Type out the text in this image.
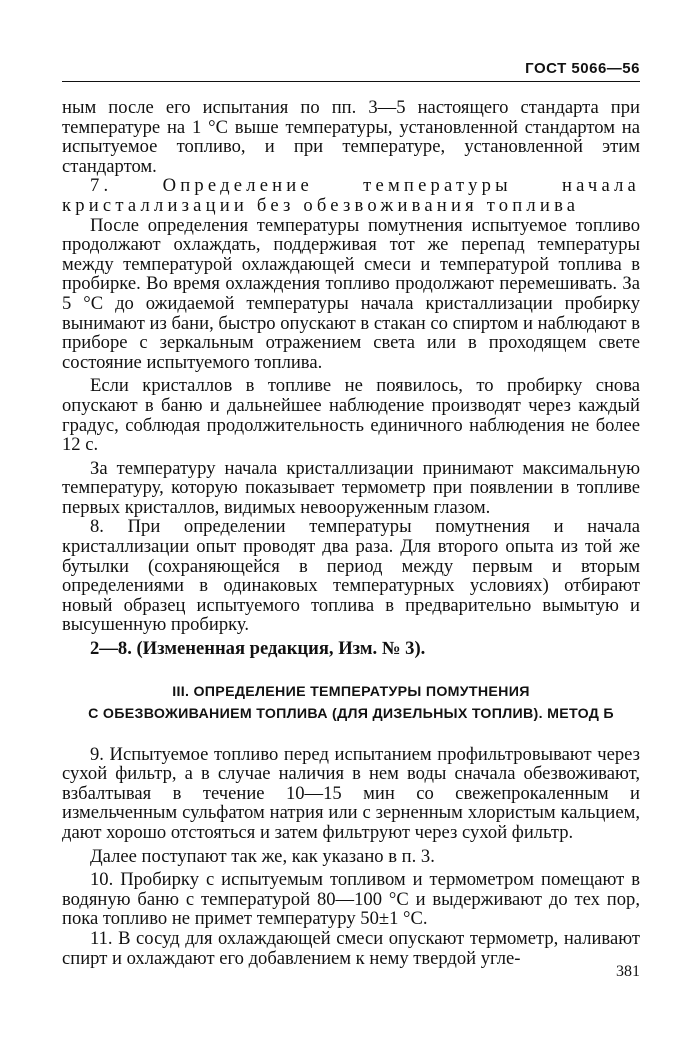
ГОСТ 5066—56

ным после его испытания по пп. 3—5 настоящего стандарта при температуре на 1 °С выше температуры, установленной стандартом на испытуемое топливо, и при температуре, установленной этим стандартом.

7. Определение температуры начала кристаллизации без обезвоживания топлива

После определения температуры помутнения испытуемое топливо продолжают охлаждать, поддерживая тот же перепад температуры между температурой охлаждающей смеси и температурой топлива в пробирке. Во время охлаждения топливо продолжают перемешивать. За 5 °С до ожидаемой температуры начала кристаллизации пробирку вынимают из бани, быстро опускают в стакан со спиртом и наблюдают в приборе с зеркальным отражением света или в проходящем свете состояние испытуемого топлива.

Если кристаллов в топливе не появилось, то пробирку снова опускают в баню и дальнейшее наблюдение производят через каждый градус, соблюдая продолжительность единичного наблюдения не более 12 с.

За температуру начала кристаллизации принимают максимальную температуру, которую показывает термометр при появлении в топливе первых кристаллов, видимых невооруженным глазом.

8. При определении температуры помутнения и начала кристаллизации опыт проводят два раза. Для второго опыта из той же бутылки (сохраняющейся в период между первым и вторым определениями в одинаковых температурных условиях) отбирают новый образец испытуемого топлива в предварительно вымытую и высушенную пробирку.

2—8. (Измененная редакция, Изм. № 3).

III. ОПРЕДЕЛЕНИЕ ТЕМПЕРАТУРЫ ПОМУТНЕНИЯ
С ОБЕЗВОЖИВАНИЕМ ТОПЛИВА (ДЛЯ ДИЗЕЛЬНЫХ ТОПЛИВ). МЕТОД Б

9. Испытуемое топливо перед испытанием профильтровывают через сухой фильтр, а в случае наличия в нем воды сначала обезвоживают, взбалтывая в течение 10—15 мин со свежепрокаленным и измельченным сульфатом натрия или с зерненным хлористым кальцием, дают хорошо отстояться и затем фильтруют через сухой фильтр.

Далее поступают так же, как указано в п. 3.

10. Пробирку с испытуемым топливом и термометром помещают в водяную баню с температурой 80—100 °С и выдерживают до тех пор, пока топливо не примет температуру 50±1 °С.

11. В сосуд для охлаждающей смеси опускают термометр, наливают спирт и охлаждают его добавлением к нему твердой угле-

381
